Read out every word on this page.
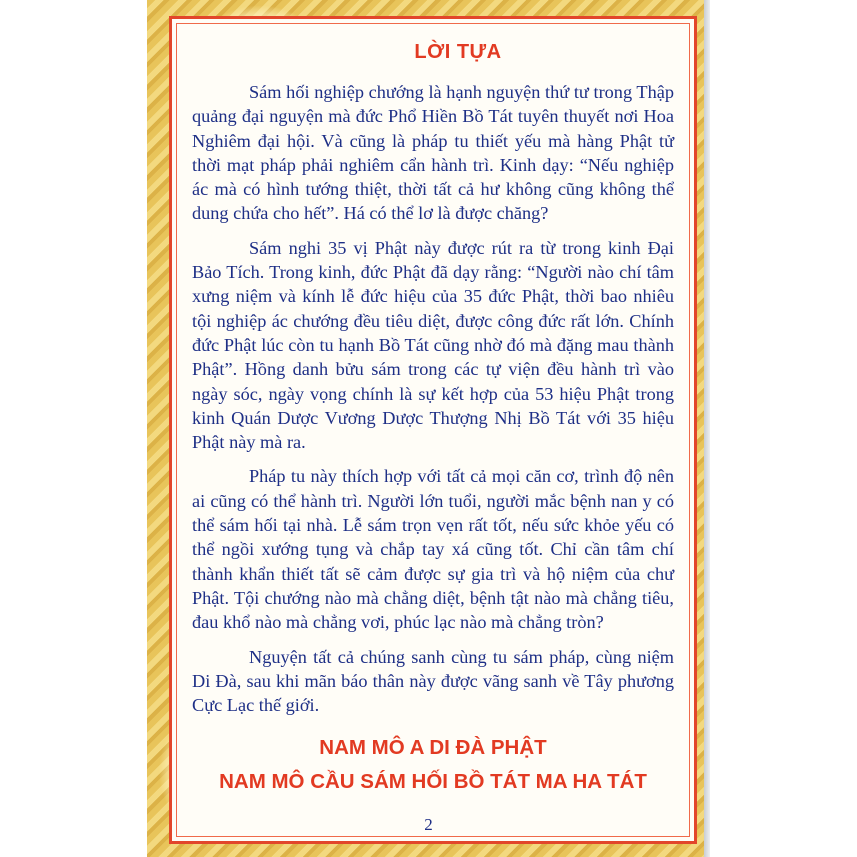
LỜI TỰA

Sám hối nghiệp chướng là hạnh nguyện thứ tư trong Thập quảng đại nguyện mà đức Phổ Hiền Bồ Tát tuyên thuyết nơi Hoa Nghiêm đại hội. Và cũng là pháp tu thiết yếu mà hàng Phật tử thời mạt pháp phải nghiêm cẩn hành trì. Kinh dạy: “Nếu nghiệp ác mà có hình tướng thiệt, thời tất cả hư không cũng không thể dung chứa cho hết”. Há có thể lơ là được chăng?

Sám nghi 35 vị Phật này được rút ra từ trong kinh Đại Bảo Tích. Trong kinh, đức Phật đã dạy rằng: “Người nào chí tâm xưng niệm và kính lễ đức hiệu của 35 đức Phật, thời bao nhiêu tội nghiệp ác chướng đều tiêu diệt, được công đức rất lớn. Chính đức Phật lúc còn tu hạnh Bồ Tát cũng nhờ đó mà đặng mau thành Phật”. Hồng danh bửu sám trong các tự viện đều hành trì vào ngày sóc, ngày vọng chính là sự kết hợp của 53 hiệu Phật trong kinh Quán Dược Vương Dược Thượng Nhị Bồ Tát với 35 hiệu Phật này mà ra.

Pháp tu này thích hợp với tất cả mọi căn cơ, trình độ nên ai cũng có thể hành trì. Người lớn tuổi, người mắc bệnh nan y có thể sám hối tại nhà. Lễ sám trọn vẹn rất tốt, nếu sức khỏe yếu có thể ngồi xướng tụng và chắp tay xá cũng tốt. Chỉ cần tâm chí thành khẩn thiết tất sẽ cảm được sự gia trì và hộ niệm của chư Phật. Tội chướng nào mà chẳng diệt, bệnh tật nào mà chẳng tiêu, đau khổ nào mà chẳng vơi, phúc lạc nào mà chẳng tròn?

Nguyện tất cả chúng sanh cùng tu sám pháp, cùng niệm Di Đà, sau khi mãn báo thân này được vãng sanh về Tây phương Cực Lạc thế giới.

NAM MÔ A DI ĐÀ PHẬT
NAM MÔ CẦU SÁM HỐI BỒ TÁT MA HA TÁT
2
